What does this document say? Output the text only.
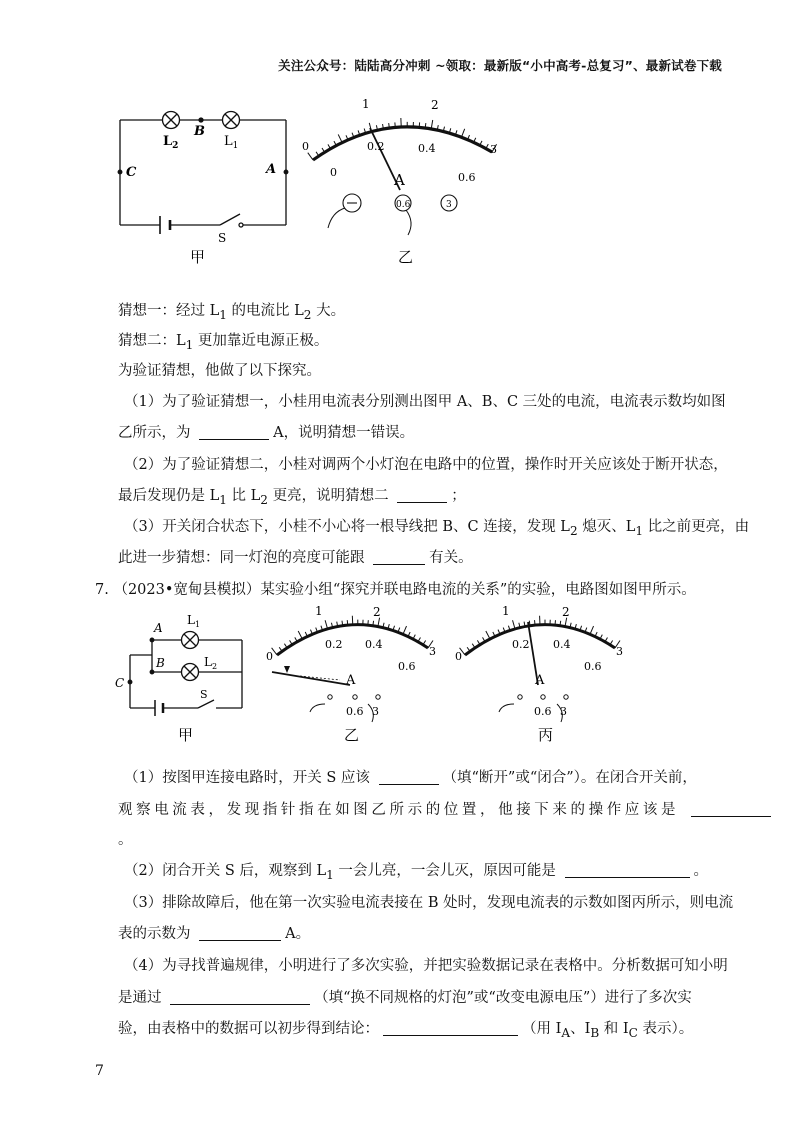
关注公众号：陆陆高分冲刺 ~领取：最新版“小中高考-总复习”、最新试卷下载
$L_2$
B
$L_1$
C	A
S
甲
1	2
0
0
0.2	0.4
0.6
3
A
0.6	3
乙
猜想一：经过 $L_1$ 的电流比 $L_2$ 大。
猜想二：$L_1$ 更加靠近电源正极。
为验证猜想，他做了以下探究。
（1）为了验证猜想一，小桂用电流表分别测出图甲 A、B、C 三处的电流，电流表示数均如图
乙所示，为	A，说明猜想一错误。
（2）为了验证猜想二，小桂对调两个小灯泡在电路中的位置，操作时开关应该处于断开状态，
最后发现仍是 $L_1$ 比 $L_2$ 更亮，说明猜想二	；
（3）开关闭合状态下，小桂不小心将一根导线把 B、C 连接，发现 $L_2$ 熄灭、$L_1$ 比之前更亮，由
此进一步猜想：同一灯泡的亮度可能跟	有关。
7. （2023•宽甸县模拟）某实验小组“探究并联电路电流的关系”的实验，电路图如图甲所示。
A
B
C
$L_1$
$L_2$
S
甲
1	2
0
0.2 0.4
0.6
3
A
0.6 3
乙
1	2
0
0.2 0.4
0.6
3
A
0.6 3
丙
（1）按图甲连接电路时，开关 S 应该	（填“断开”或“闭合”）。在闭合开关前，
观察电流表，发现指针指在如图乙所示的位置，他接下来的操作应该是
。
（2）闭合开关 S 后，观察到 $L_1$ 一会儿亮，一会儿灭，原因可能是	。
（3）排除故障后，他在第一次实验电流表接在 B 处时，发现电流表的示数如图丙所示，则电流
表的示数为	A。
（4）为寻找普遍规律，小明进行了多次实验，并把实验数据记录在表格中。分析数据可知小明
是通过	（填“换不同规格的灯泡”或“改变电源电压”）进行了多次实
验，由表格中的数据可以初步得到结论：	（用 $I_A$、$I_B$ 和 $I_C$ 表示）。
7
